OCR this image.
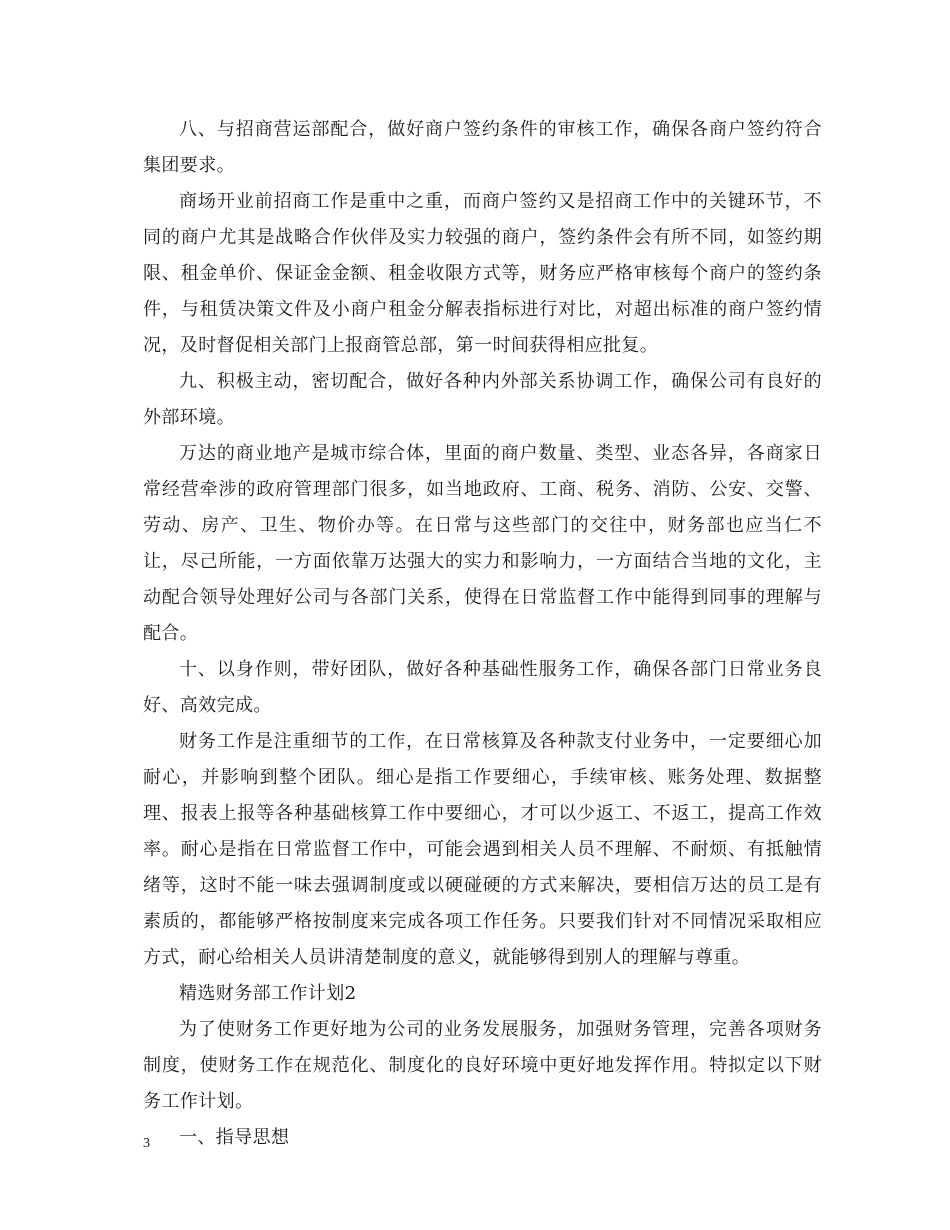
八、与招商营运部配合，做好商户签约条件的审核工作，确保各商户签约符合集团要求。

商场开业前招商工作是重中之重，而商户签约又是招商工作中的关键环节，不同的商户尤其是战略合作伙伴及实力较强的商户，签约条件会有所不同，如签约期限、租金单价、保证金金额、租金收限方式等，财务应严格审核每个商户的签约条件，与租赁决策文件及小商户租金分解表指标进行对比，对超出标准的商户签约情况，及时督促相关部门上报商管总部，第一时间获得相应批复。

九、积极主动，密切配合，做好各种内外部关系协调工作，确保公司有良好的外部环境。

万达的商业地产是城市综合体，里面的商户数量、类型、业态各异，各商家日常经营牵涉的政府管理部门很多，如当地政府、工商、税务、消防、公安、交警、劳动、房产、卫生、物价办等。在日常与这些部门的交往中，财务部也应当仁不让，尽己所能，一方面依靠万达强大的实力和影响力，一方面结合当地的文化，主动配合领导处理好公司与各部门关系，使得在日常监督工作中能得到同事的理解与配合。

十、以身作则，带好团队，做好各种基础性服务工作，确保各部门日常业务良好、高效完成。

财务工作是注重细节的工作，在日常核算及各种款支付业务中，一定要细心加耐心，并影响到整个团队。细心是指工作要细心，手续审核、账务处理、数据整理、报表上报等各种基础核算工作中要细心，才可以少返工、不返工，提高工作效率。耐心是指在日常监督工作中，可能会遇到相关人员不理解、不耐烦、有抵触情绪等，这时不能一味去强调制度或以硬碰硬的方式来解决，要相信万达的员工是有素质的，都能够严格按制度来完成各项工作任务。只要我们针对不同情况采取相应方式，耐心给相关人员讲清楚制度的意义，就能够得到别人的理解与尊重。

精选财务部工作计划2

为了使财务工作更好地为公司的业务发展服务，加强财务管理，完善各项财务制度，使财务工作在规范化、制度化的良好环境中更好地发挥作用。特拟定以下财务工作计划。

一、指导思想

3
